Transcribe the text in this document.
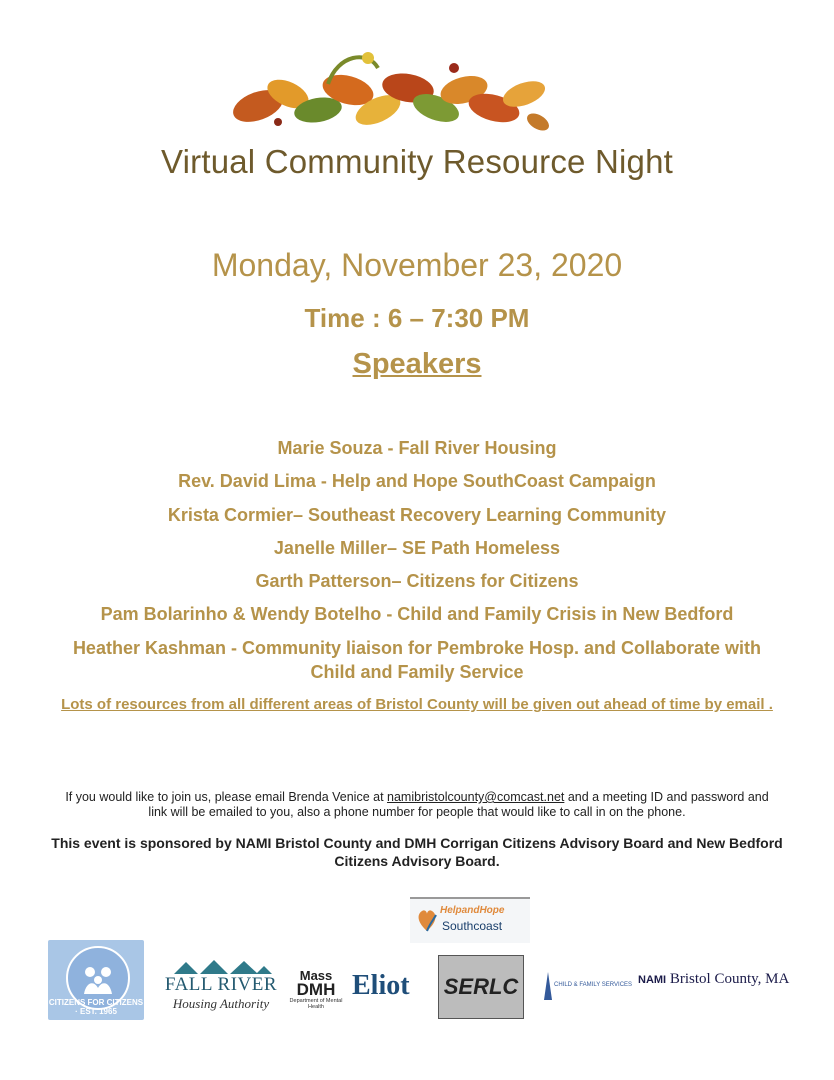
Virtual Community Resource Night
Monday, November 23, 2020
Time : 6 – 7:30 PM
Speakers
Marie Souza - Fall River Housing
Rev. David Lima - Help and Hope SouthCoast Campaign
Krista Cormier– Southeast Recovery Learning Community
Janelle Miller– SE Path Homeless
Garth Patterson– Citizens for Citizens
Pam Bolarinho & Wendy Botelho - Child and Family Crisis in New Bedford
Heather Kashman - Community liaison for Pembroke Hosp. and Collaborate with Child and Family Service
Lots of resources from all different areas of Bristol County will be given out ahead of time by email .
If you would like to join us, please email Brenda Venice at namibristolcounty@comcast.net and a meeting ID and password and link will be emailed to you, also a phone number for people that would like to call in on the phone.
This event is sponsored by NAMI Bristol County and DMH Corrigan Citizens Advisory Board and New Bedford Citizens Advisory Board.
HelpandHope
Southcoast
CITIZENS FOR CITIZENS · EST. 1965
FALL RIVER
Housing Authority
Mass
DMH
Department of Mental Health
Eliot	SERLC	CHILD & FAMILY SERVICES NAMI Bristol County, MA
